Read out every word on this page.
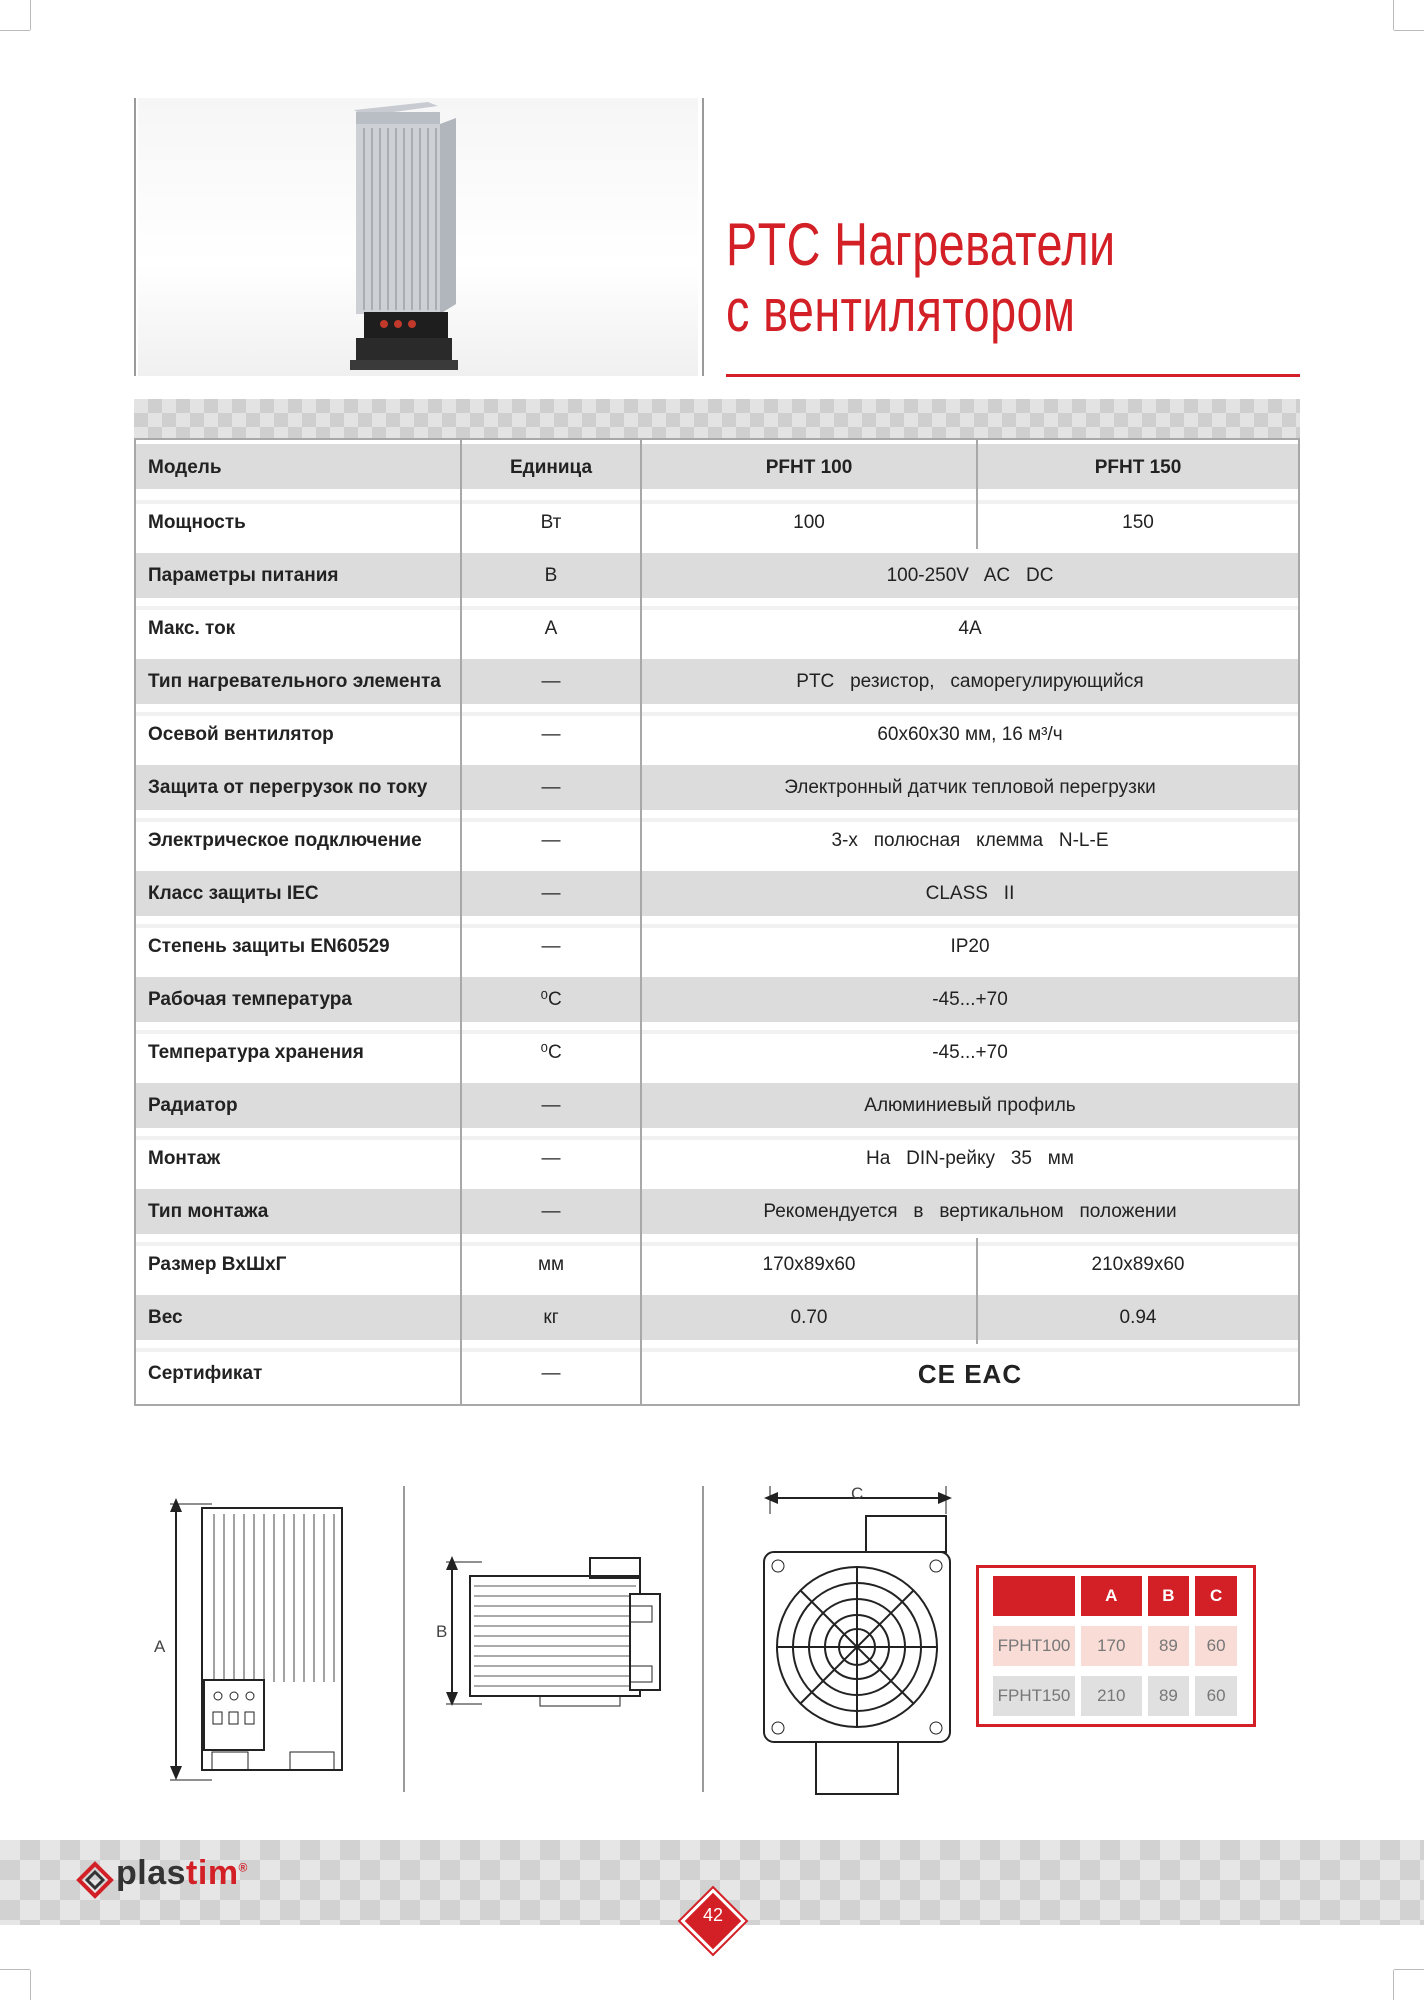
PTC Нагреватели
с вентилятором
Модель	Единица	PFHT 100	PFHT 150
Мощность	Вт	100	150
Параметры питания	В	100-250V   AC   DC	
Макс. ток	А	4A	
Тип нагревательного элемента	—	PTC   резистор,   саморегулирующийся	
Осевой вентилятор	—	60x60x30 мм, 16 м³/ч	
Защита от перегрузок по току	—	Электронный датчик тепловой перегрузки	
Электрическое подключение	—	3-х   полюсная   клемма   N-L-E	
Класс защиты IEC	—	CLASS   II	
Степень защиты EN60529	—	IP20	
Рабочая температура	⁰С	-45...+70	
Температура хранения	⁰С	-45...+70	
Радиатор	—	Алюминиевый профиль	
Монтаж	—	На   DIN-рейку   35   мм	
Тип монтажа	—	Рекомендуется   в   вертикальном   положении	
Размер ВxШxГ	мм	170x89x60	210x89x60
Вес	кг	0.70	0.94
Сертификат	—	CE EAC	
A
B
C
	A	B	C

FPHT100	170	89	60

FPHT150	210	89	60
plastim®
42
